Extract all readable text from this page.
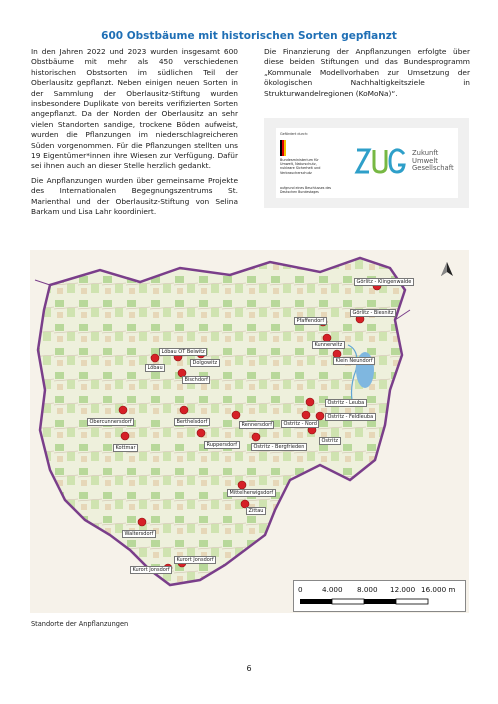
600 Obstbäume mit historischen Sorten gepflanzt

In den Jahren 2022 und 2023 wurden insgesamt 600 Obstbäume mit mehr als 450 verschiedenen historischen Obstsorten im südlichen Teil der Oberlausitz gepflanzt. Neben einigen neuen Sorten in der Sammlung der Oberlausitz-Stiftung wurden insbesondere Duplikate von bereits verifizierten Sorten angepflanzt. Da der Norden der Oberlausitz an sehr vielen Standorten sandige, trockene Böden aufweist, wurden die Pflanzungen im niederschlagreicheren Süden vorgenommen. Für die Pflanzungen stellten uns 19 Eigentümer*innen ihre Wiesen zur Verfügung. Dafür sei ihnen auch an dieser Stelle herzlich gedankt.

Die Anpflanzungen wurden über gemeinsame Projekte des Internationalen Begegnungszentrums St. Marienthal und der Oberlausitz-Stiftung von Selina Barkam und Lisa Lahr koordiniert.

Die Finanzierung der Anpflanzungen erfolgte über diese beiden Stiftungen und das Bundesprogramm „Kommunale Modellvorhaben zur Umsetzung der ökologischen Nachhaltigkeitsziele in Strukturwandelregionen (KoMoNa)“.

Gefördert durch:
Bundesministerium für Umwelt, Naturschutz, nukleare Sicherheit und Verbraucherschutz
aufgrund eines Beschlusses des Deutschen Bundestages
Zukunft
Umwelt
Gesellschaft
Görlitz - Klingenwalde
Görlitz - Biesnitz
Pfaffendorf
Löbau OT Beiwitz
Dolgowitz
Kunnerwitz
Klein Neundorf
Löbau
Bischdorf
Ostritz - Leuba
Ostritz - Feldleuba
Obercunnersdorf	Berthelsdorf	Rennersdorf	Ostritz - Nord
Ostritz
Kottmar	Ruppersdorf	Ostritz - Bergfrieden
Mittelherwigsdorf
Zittau
Waltersdorf
Kurort Jonsdorf
Kurort Jonsdorf
0	4.000 8.000 12.000 16.000 m
Standorte der Anpflanzungen
6
